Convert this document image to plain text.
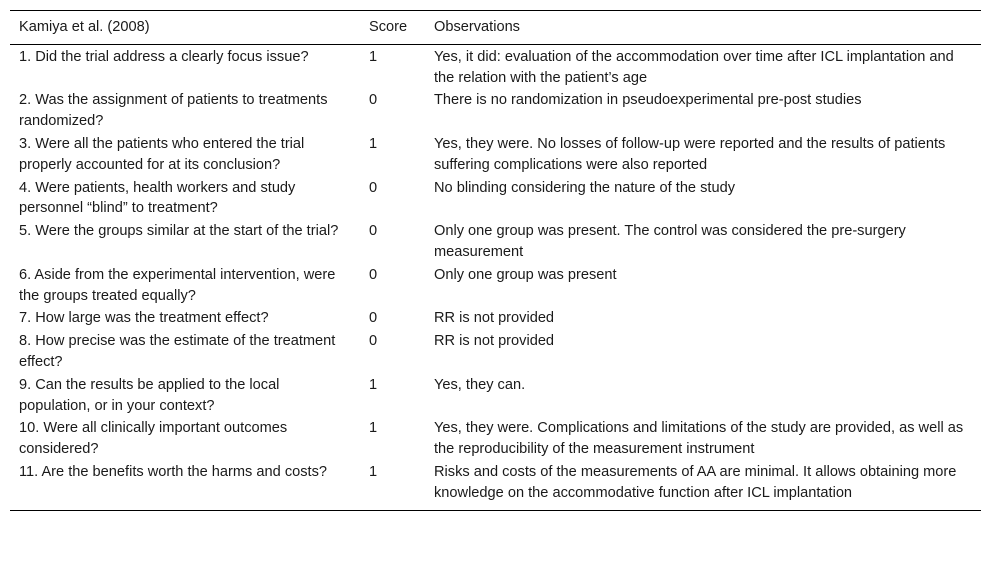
Kamiya et al. (2008)	Score	Observations
1. Did the trial address a clearly focus issue?	1	Yes, it did: evaluation of the accommodation over time after ICL implantation and the relation with the patient’s age
2. Was the assignment of patients to treatments randomized?	0	There is no randomization in pseudoexperimental pre-post studies
3. Were all the patients who entered the trial properly accounted for at its conclusion?	1	Yes, they were. No losses of follow-up were reported and the results of patients suffering complications were also reported
4. Were patients, health workers and study personnel “blind” to treatment?	0	No blinding considering the nature of the study
5. Were the groups similar at the start of the trial?	0	Only one group was present. The control was considered the pre-surgery measurement
6. Aside from the experimental intervention, were the groups treated equally?	0	Only one group was present
7. How large was the treatment effect?	0	RR is not provided
8. How precise was the estimate of the treatment effect?	0	RR is not provided
9. Can the results be applied to the local population, or in your context?	1	Yes, they can.
10. Were all clinically important outcomes considered?	1	Yes, they were. Complications and limitations of the study are provided, as well as the reproducibility of the measurement instrument
11. Are the benefits worth the harms and costs?	1	Risks and costs of the measurements of AA are minimal. It allows obtaining more knowledge on the accommodative function after ICL implantation
